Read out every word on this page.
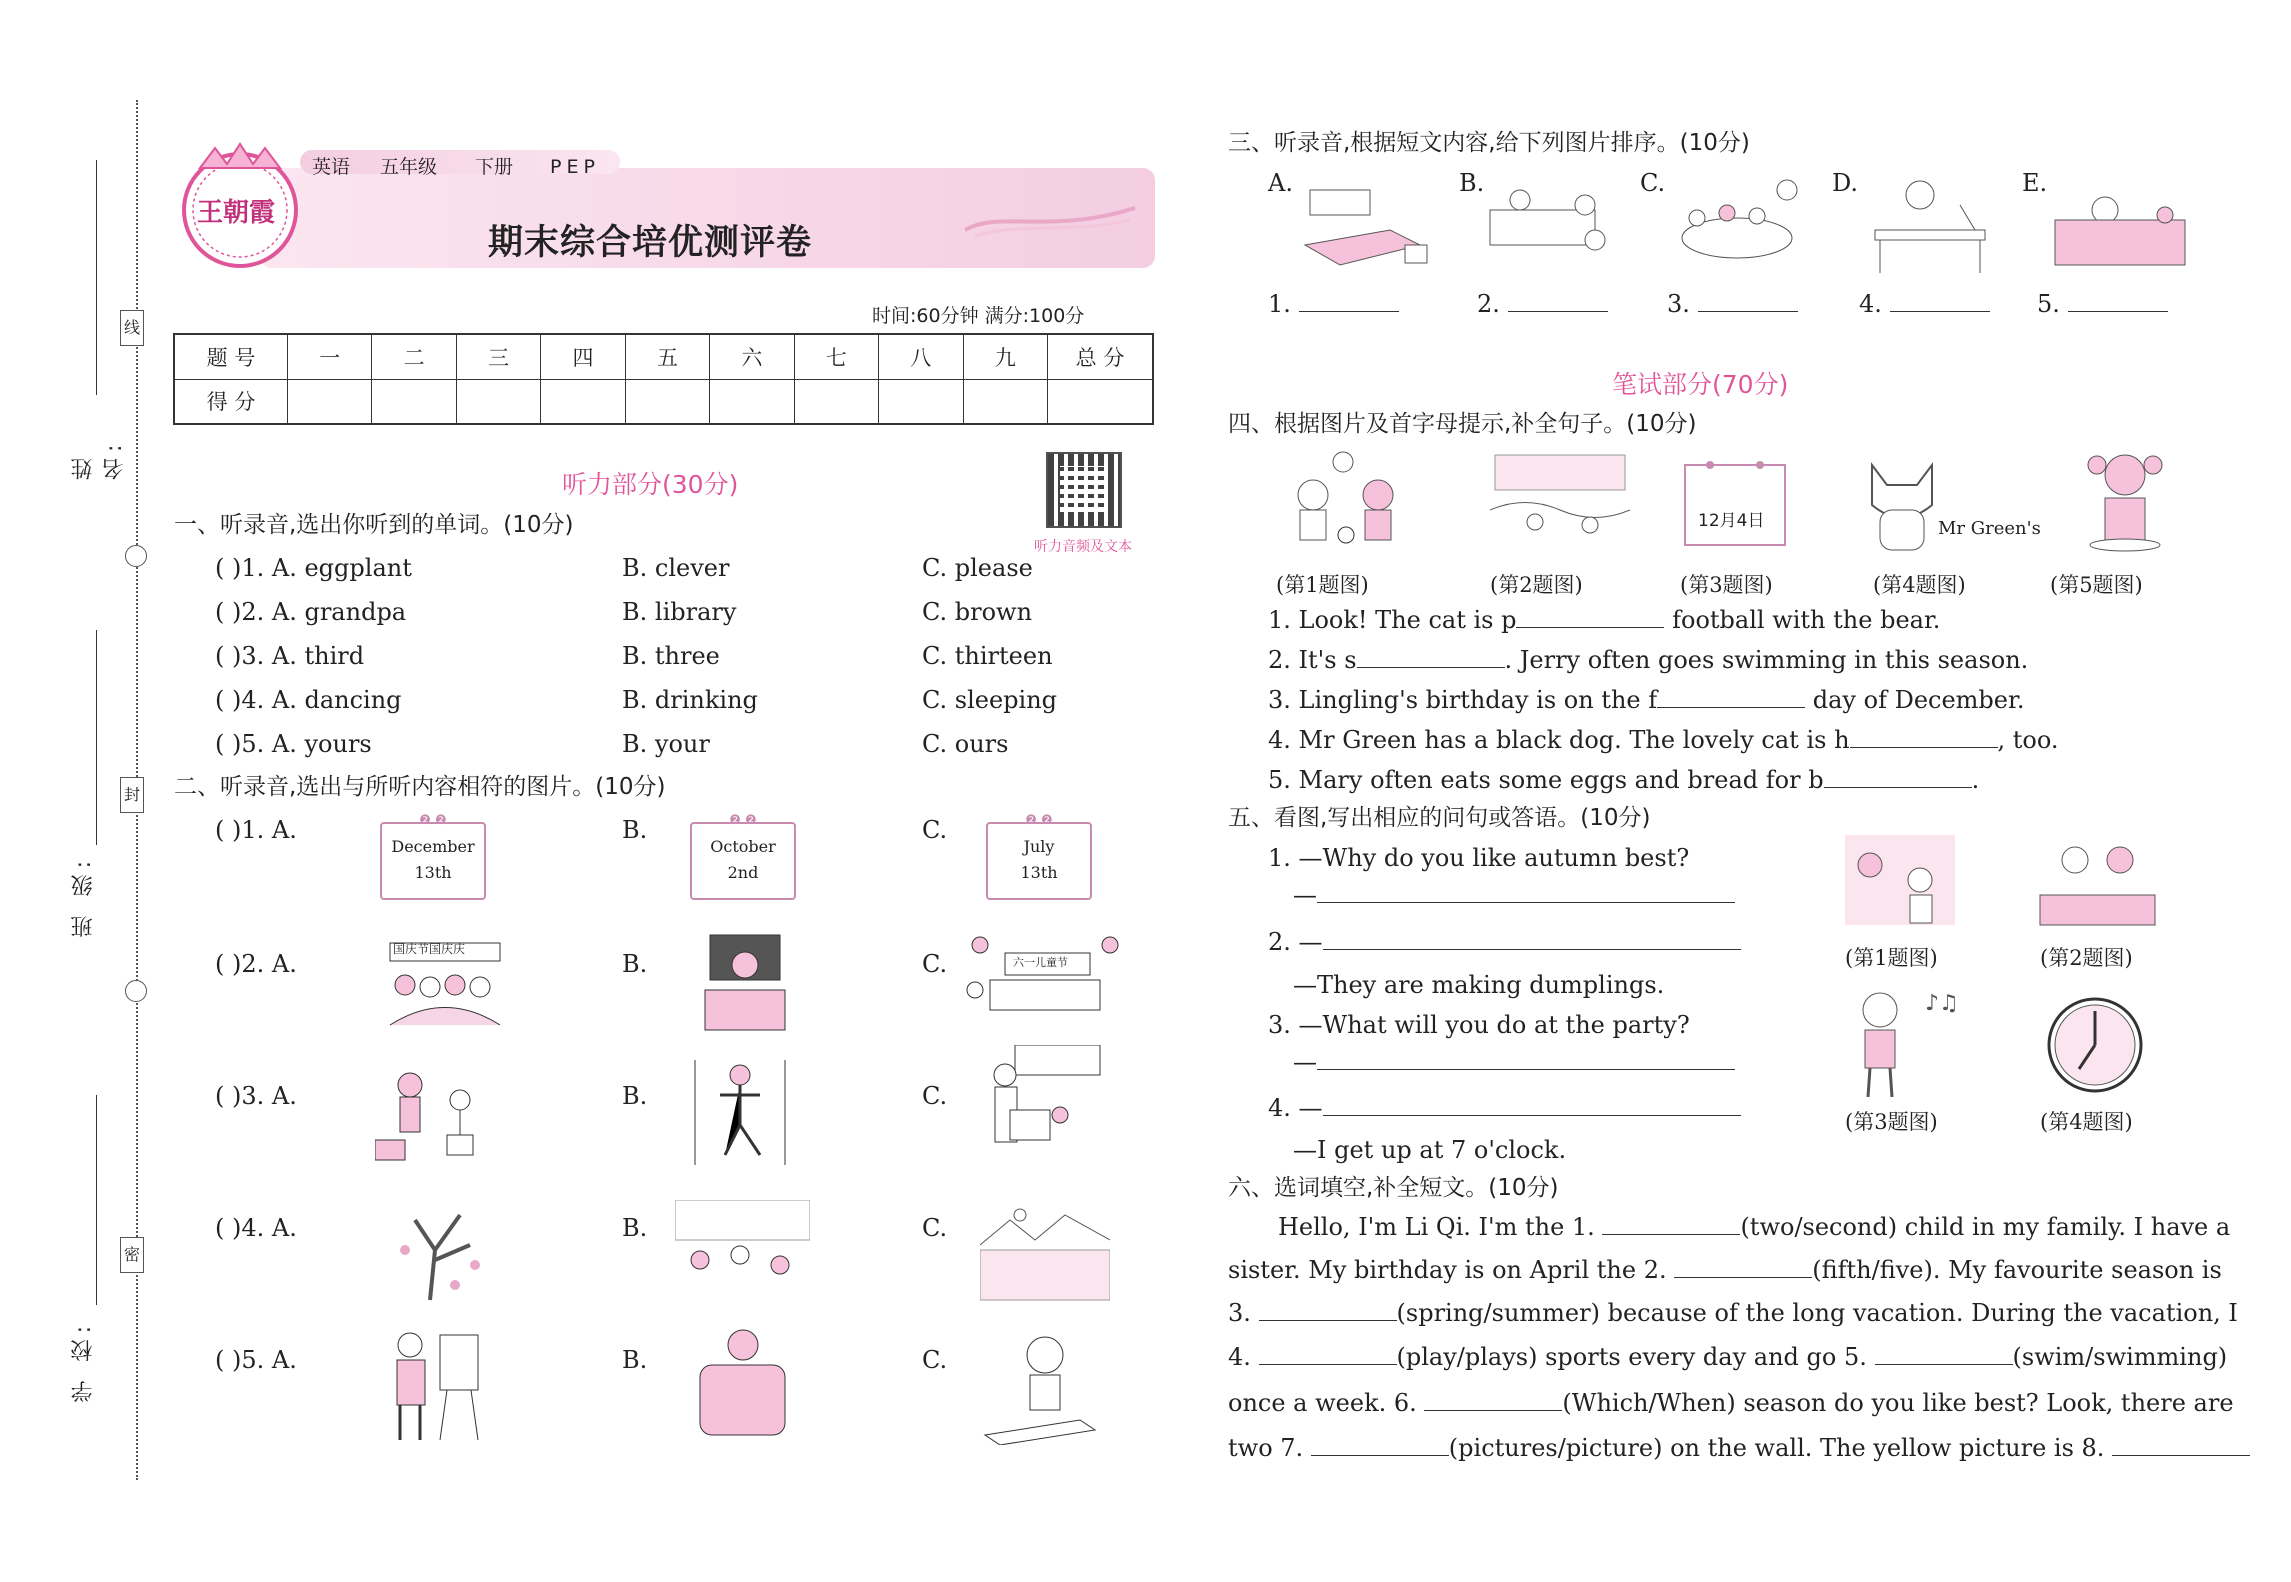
线
封
密
姓 名:
班 级:
学 校:
王朝霞
英语 五年级 下册 PEP
期末综合培优测评卷
时间:60分钟 满分:100分
题 号	一	二	三	四	五	六	七	八	九	总 分
得 分										
听力音频及文本
听力部分(30分)
一、听录音,选出你听到的单词。(10分)
( )1. A. eggplant	B. clever	C. please
( )2. A. grandpa	B. library	C. brown
( )3. A. third	B. three	C. thirteen
( )4. A. dancing	B. drinking	C. sleeping
( )5. A. yours	B. your	C. ours
二、听录音,选出与所听内容相符的图片。(10分)
( )1. A.	B.	C.
❷ ❷
December
13th
❷ ❷
October
2nd
❷ ❷
July
13th
( )2. A.	B.	C.
国庆节国庆庆
六一儿童节
( )3. A.	B.	C.
( )4. A.	B.	C.
( )5. A.	B.	C.
三、听录音,根据短文内容,给下列图片排序。(10分)
A.	B.	C.	D.	E.
1.	2.	3.	4.	5.
笔试部分(70分)
四、根据图片及首字母提示,补全句子。(10分)
12月4日	Mr Green's
(第1题图)	(第2题图)	(第3题图)	(第4题图)	(第5题图)
1. Look! The cat is p	football with the bear.
2. It's s	. Jerry often goes swimming in this season.
3. Lingling's birthday is on the f	day of December.
4. Mr Green has a black dog. The lovely cat is h	, too.
5. Mary often eats some eggs and bread for b	.
五、看图,写出相应的问句或答语。(10分)
1. —Why do you like autumn best?
—
2. —
—They are making dumplings.
3. —What will you do at the party?
—
4. —
—I get up at 7 o'clock.
(第1题图)	(第2题图)
♪♫
(第3题图)	(第4题图)
六、选词填空,补全短文。(10分)
Hello, I'm Li Qi. I'm the 1.	(two/second) child in my family. I have a
sister. My birthday is on April the 2.	(fifth/five). My favourite season is
3.	(spring/summer) because of the long vacation. During the vacation, I
4.	(play/plays) sports every day and go 5.	(swim/swimming)
once a week. 6.	(Which/When) season do you like best? Look, there are
two 7.	(pictures/picture) on the wall. The yellow picture is 8.
